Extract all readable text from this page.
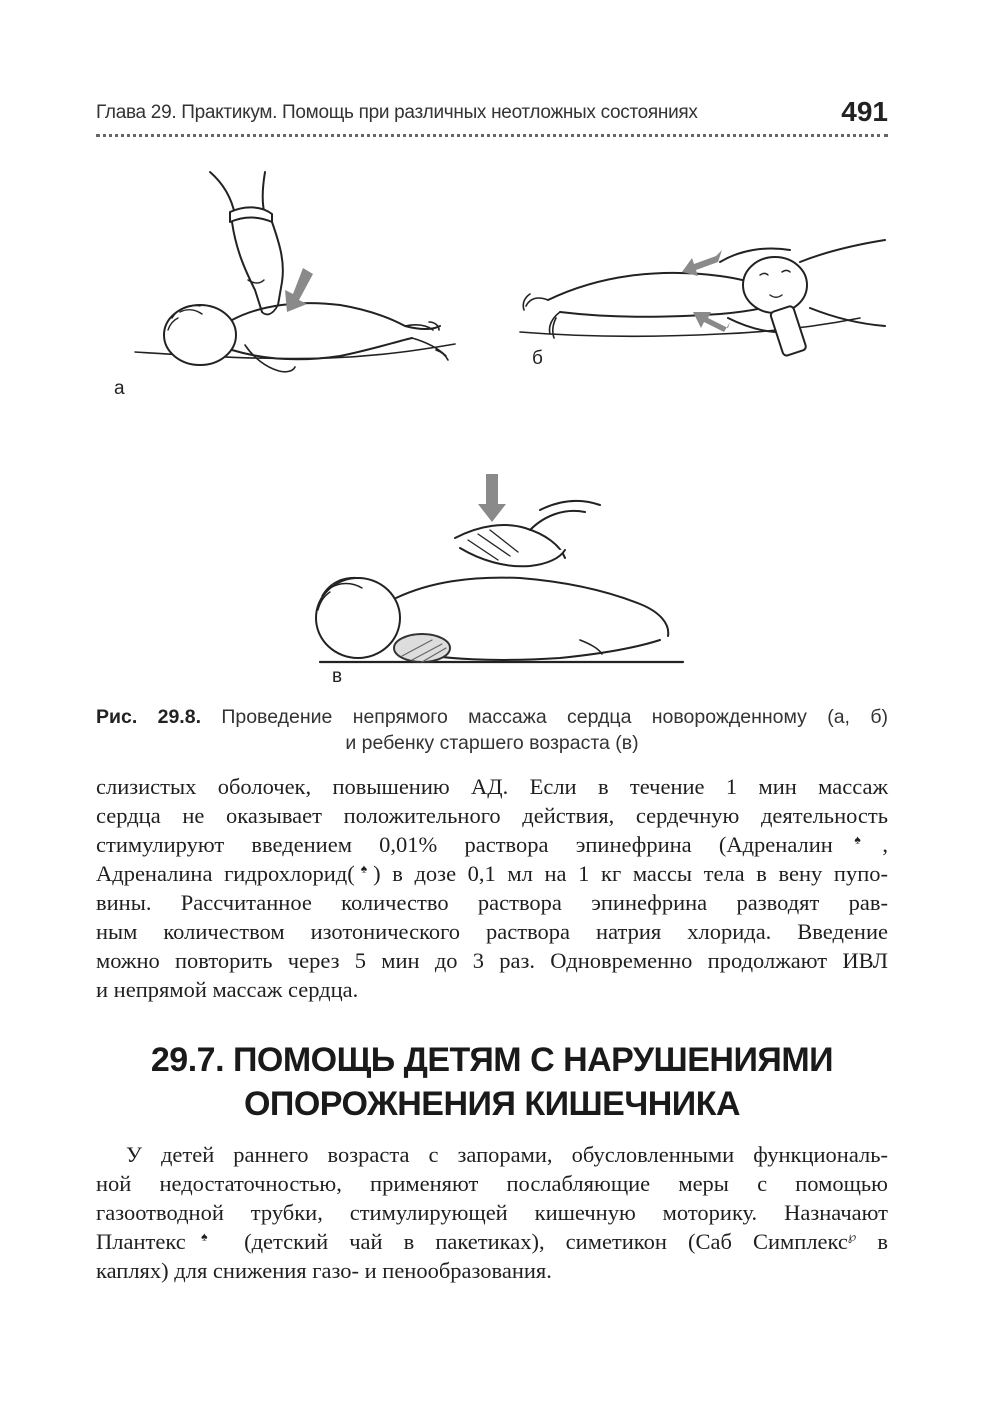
Глава 29. Практикум. Помощь при различных неотложных состояниях	491
а
б
в
Рис. 29.8. Проведение непрямого массажа сердца новорожденному (а, б)
и ребенку старшего возраста (в)
слизистых оболочек, повышению АД. Если в течение 1 мин массаж
сердца не оказывает положительного действия, сердечную деятельность
стимулируют введением 0,01% раствора эпинефрина (Адреналин♠,
Адреналина гидрохлорид(♠) в дозе 0,1 мл на 1 кг массы тела в вену пупо-
вины. Рассчитанное количество раствора эпинефрина разводят рав-
ным количеством изотонического раствора натрия хлорида. Введение
можно повторить через 5 мин до 3 раз. Одновременно продолжают ИВЛ
и непрямой массаж сердца.
29.7. ПОМОЩЬ ДЕТЯМ С НАРУШЕНИЯМИ
ОПОРОЖНЕНИЯ КИШЕЧНИКА
У детей раннего возраста с запорами, обусловленными функциональ-
ной недостаточностью, применяют послабляющие меры с помощью
газоотводной трубки, стимулирующей кишечную моторику. Назначают
Плантекс♠ (детский чай в пакетиках), симетикон (Саб Симплекс℘ в
каплях) для снижения газо- и пенообразования.
